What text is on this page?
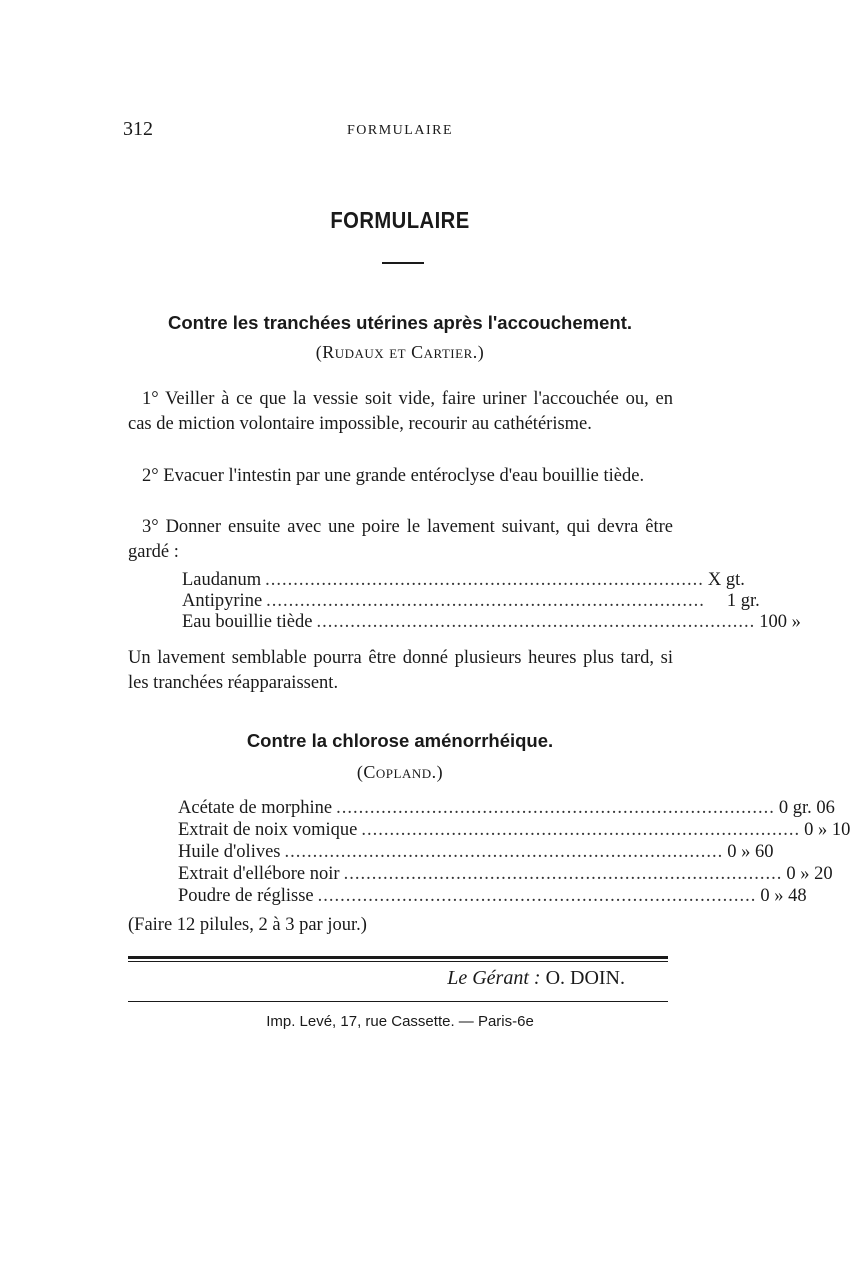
312	FORMULAIRE
FORMULAIRE
Contre les tranchées utérines après l'accouchement.
(Rudaux et Cartier.)
1° Veiller à ce que la vessie soit vide, faire uriner l'accouchée ou, en cas de miction volontaire impossible, recourir au cathétérisme.
2° Evacuer l'intestin par une grande entéroclyse d'eau bouillie tiède.
3° Donner ensuite avec une poire le lavement suivant, qui devra être gardé :
Laudanum .............................................................................. X gt.
Antipyrine ..............................................................................	1 gr.
Eau bouillie tiède .............................................................................. 100 »
Un lavement semblable pourra être donné plusieurs heures plus tard, si les tranchées réapparaissent.
Contre la chlorose aménorrhéique.
(Copland.)
Acétate de morphine .............................................................................. 0 gr. 06
Extrait de noix vomique .............................................................................. 0 » 10
Huile d'olives .............................................................................. 0 » 60
Extrait d'ellébore noir .............................................................................. 0 » 20
Poudre de réglisse .............................................................................. 0 » 48
(Faire 12 pilules, 2 à 3 par jour.)
Le Gérant : O. DOIN.
Imp. Levé, 17, rue Cassette. — Paris-6e
